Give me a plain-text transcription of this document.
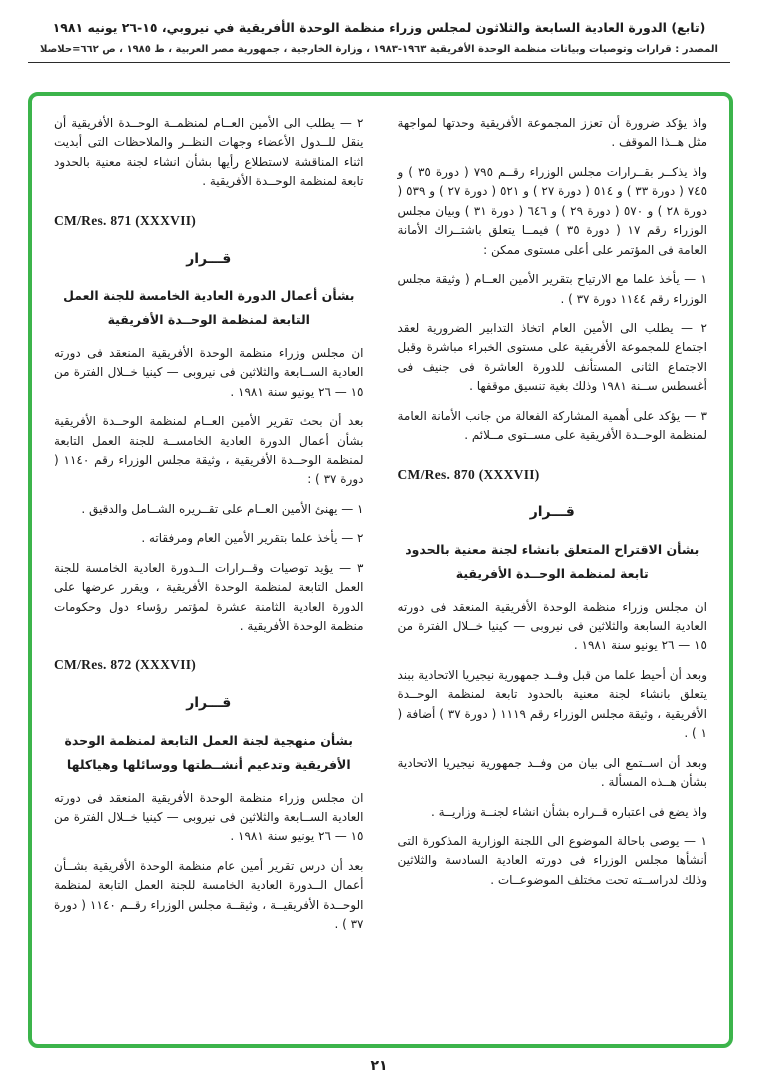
(تابع) الدورة العادية السابعة والثلاثون لمجلس وزراء منظمة الوحدة الأفريقية في نيروبي، ١٥-٢٦ يونيه ١٩٨١
المصدر : قرارات وتوصيات وبيانات منظمة الوحدة الأفريقية ١٩٦٣-١٩٨٣ ، وزارة الخارجية ، جمهورية مصر العربية ، ط ١٩٨٥ ، ص ٦٦٢=حلاصلا
واذ يؤكد ضرورة أن تعزز المجموعة الأفريقية وحدتها لمواجهة مثل هــذا الموقف .
واذ يذكــر بقــرارات مجلس الوزراء رقــم ٧٩٥ ( دورة ٣٥ ) و ٧٤٥ ( دورة ٣٣ ) و ٥١٤ ( دورة ٢٧ ) و ٥٢١ ( دورة ٢٧ ) و ٥٣٩ ( دورة ٢٨ ) و ٥٧٠ ( دورة ٢٩ ) و ٦٤٦ ( دورة ٣١ ) وبيان مجلس الوزراء رقم ١٧ ( دورة ٣٥ ) فيمــا يتعلق باشتــراك الأمانة العامة فى المؤتمر على أعلى مستوى ممكن :
١ — يأخذ علما مع الارتياح بتقرير الأمين العــام ( وثيقة مجلس الوزراء رقم ١١٤٤ دورة ٣٧ ) .
٢ — يطلب الى الأمين العام اتخاذ التدابير الضرورية لعقد اجتماع للمجموعة الأفريقية على مستوى الخبراء مباشرة وقبل الاجتماع الثانى المستأنف للدورة العاشرة فى جنيف فى أغسطس ســنة ١٩٨١ وذلك بغية تنسيق موقفها .
٣ — يؤكد على أهمية المشاركة الفعالة من جانب الأمانة العامة لمنظمة الوحــدة الأفريقية على مســتوى مــلائم .
CM/Res. 870 (XXXVII)
قـــرار
بشأن الاقتراح المتعلق بانشاء لجنة معنية بالحدود تابعة لمنظمة الوحــدة الأفريقية
ان مجلس وزراء منظمة الوحدة الأفريقية المنعقد فى دورته العادية السابعة والثلاثين فى نيروبى — كينيا خــلال الفترة من ١٥ — ٢٦ يونيو سنة ١٩٨١ .
وبعد أن أحيط علما من قبل وفــد جمهورية نيجيريا الاتحادية ببند يتعلق بانشاء لجنة معنية بالحدود تابعة لمنظمة الوحــدة الأفريقية ، وثيقة مجلس الوزراء رقم ١١١٩ ( دورة ٣٧ ) أضافة ( ١ ) .
وبعد أن اســتمع الى بيان من وفــد جمهورية نيجيريا الاتحادية بشأن هــذه المسألة .
واذ يضع فى اعتباره قــراره بشأن انشاء لجنــة وزاريــة .
١ — يوصى باحالة الموضوع الى اللجنة الوزارية المذكورة التى أنشأها مجلس الوزراء فى دورته العادية السادسة والثلاثين وذلك لدراســته تحت مختلف الموضوعــات .
٢ — يطلب الى الأمين العــام لمنظمــة الوحــدة الأفريقية أن ينقل للــدول الأعضاء وجهات النظــر والملاحظات التى أبديت اثناء المناقشة لاستطلاع رأيها بشأن انشاء لجنة معنية بالحدود تابعة لمنظمة الوحــدة الأفريقية .
CM/Res. 871 (XXXVII)
قـــرار
بشأن أعمال الدورة العادية الخامسة للجنة العمل التابعة لمنظمة الوحــدة الأفريقية
ان مجلس وزراء منظمة الوحدة الأفريقية المنعقد فى دورته العادية الســابعة والثلاثين فى نيروبى — كينيا خــلال الفترة من ١٥ — ٢٦ يونيو سنة ١٩٨١ .
بعد أن بحث تقرير الأمين العــام لمنظمة الوحــدة الأفريقية بشأن أعمال الدورة العادية الخامســة للجنة العمل التابعة لمنظمة الوحــدة الأفريقية ، وثيقة مجلس الوزراء رقم ١١٤٠ ( دورة ٣٧ ) :
١ — يهنئ الأمين العــام على تقــريره الشــامل والدقيق .
٢ — يأخذ علما بتقرير الأمين العام ومرفقاته .
٣ — يؤيد توصيات وقــرارات الــدورة العادية الخامسة للجنة العمل التابعة لمنظمة الوحدة الأفريقية ، ويقرر عرضها على الدورة العادية الثامنة عشرة لمؤتمر رؤساء دول وحكومات منظمة الوحدة الأفريقية .
CM/Res. 872 (XXXVII)
قـــرار
بشأن منهجية لجنة العمل التابعة لمنظمة الوحدة الأفريقية وتدعيم أنشــطتها ووسائلها وهياكلها
ان مجلس وزراء منظمة الوحدة الأفريقية المنعقد فى دورته العادية الســابعة والثلاثين فى نيروبى — كينيا خــلال الفترة من ١٥ — ٢٦ يونيو سنة ١٩٨١ .
بعد أن درس تقرير أمين عام منظمة الوحدة الأفريقية بشــأن أعمال الــدورة العادية الخامسة للجنة العمل التابعة لمنظمة الوحــدة الأفريقيــة ، وثيقــة مجلس الوزراء رقــم ١١٤٠ ( دورة ٣٧ ) .
٢١
